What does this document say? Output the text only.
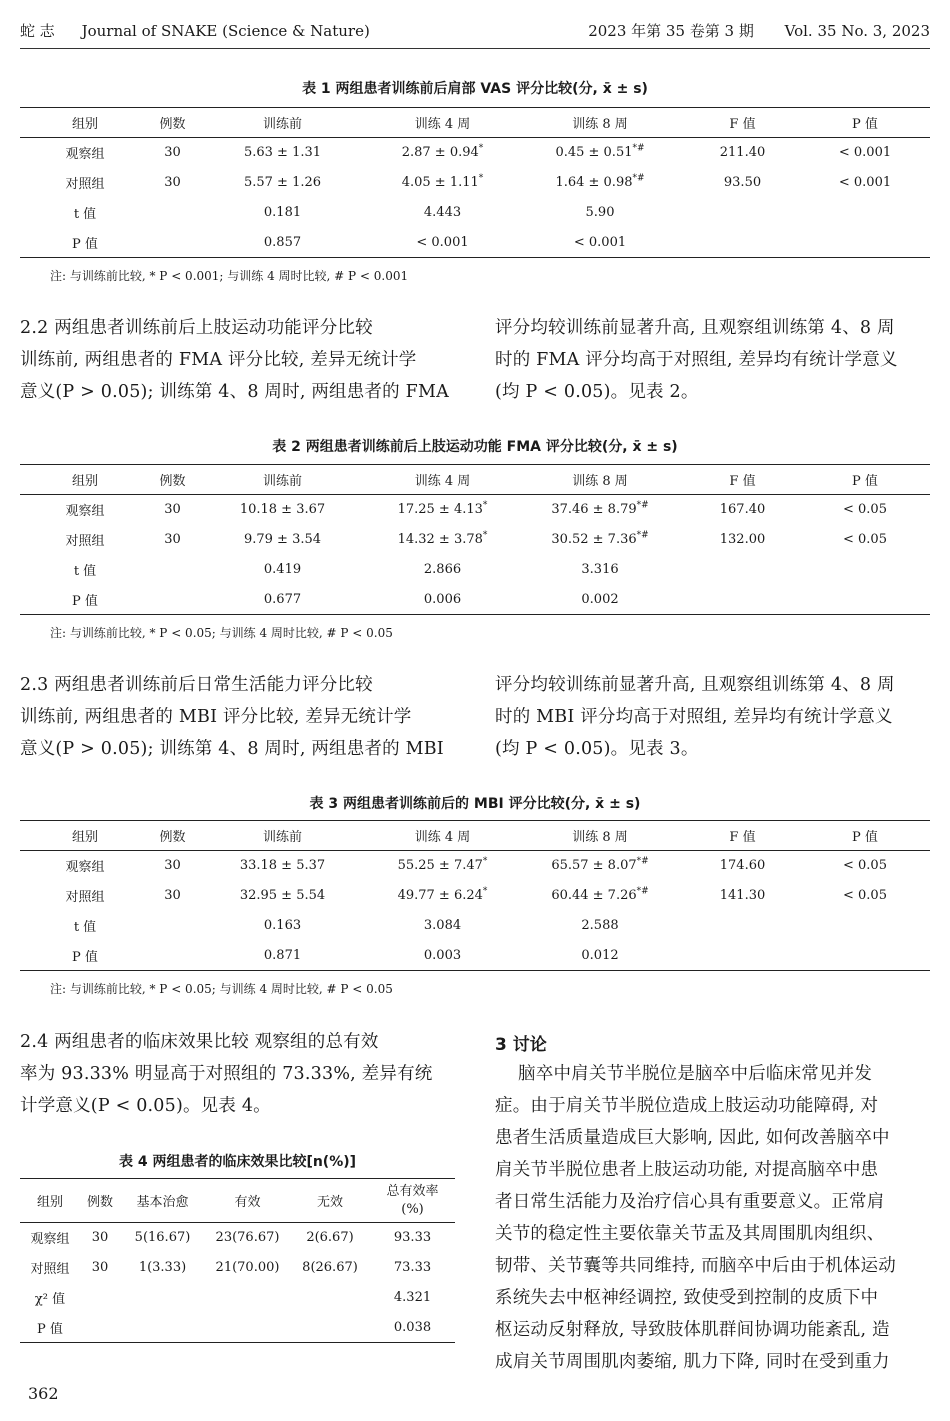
蛇 志 Journal of SNAKE (Science & Nature)	2023 年第 35 卷第 3 期 Vol. 35 No. 3, 2023
表 1 两组患者训练前后肩部 VAS 评分比较(分, x̄ ± s)
组别	例数	训练前	训练 4 周	训练 8 周	F 值	P 值
观察组	30	5.63 ± 1.31	2.87 ± 0.94*	0.45 ± 0.51*#	211.40	< 0.001
对照组	30	5.57 ± 1.26	4.05 ± 1.11*	1.64 ± 0.98*#	93.50	< 0.001
t 值		0.181	4.443	5.90		
P 值		0.857	< 0.001	< 0.001		
注: 与训练前比较, * P < 0.001; 与训练 4 周时比较, # P < 0.001

2.2 两组患者训练前后上肢运动功能评分比较

训练前, 两组患者的 FMA 评分比较, 差异无统计学

意义(P > 0.05); 训练第 4、8 周时, 两组患者的 FMA

评分均较训练前显著升高, 且观察组训练第 4、8 周

时的 FMA 评分均高于对照组, 差异均有统计学意义

(均 P < 0.05)。见表 2。

表 2 两组患者训练前后上肢运动功能 FMA 评分比较(分, x̄ ± s)
组别	例数	训练前	训练 4 周	训练 8 周	F 值	P 值
观察组	30	10.18 ± 3.67	17.25 ± 4.13*	37.46 ± 8.79*#	167.40	< 0.05
对照组	30	9.79 ± 3.54	14.32 ± 3.78*	30.52 ± 7.36*#	132.00	< 0.05
t 值		0.419	2.866	3.316		
P 值		0.677	0.006	0.002		
注: 与训练前比较, * P < 0.05; 与训练 4 周时比较, # P < 0.05

2.3 两组患者训练前后日常生活能力评分比较

训练前, 两组患者的 MBI 评分比较, 差异无统计学

意义(P > 0.05); 训练第 4、8 周时, 两组患者的 MBI

评分均较训练前显著升高, 且观察组训练第 4、8 周

时的 MBI 评分均高于对照组, 差异均有统计学意义

(均 P < 0.05)。见表 3。

表 3 两组患者训练前后的 MBI 评分比较(分, x̄ ± s)
组别	例数	训练前	训练 4 周	训练 8 周	F 值	P 值
观察组	30	33.18 ± 5.37	55.25 ± 7.47*	65.57 ± 8.07*#	174.60	< 0.05
对照组	30	32.95 ± 5.54	49.77 ± 6.24*	60.44 ± 7.26*#	141.30	< 0.05
t 值		0.163	3.084	2.588		
P 值		0.871	0.003	0.012		
注: 与训练前比较, * P < 0.05; 与训练 4 周时比较, # P < 0.05

2.4 两组患者的临床效果比较 观察组的总有效

率为 93.33% 明显高于对照组的 73.33%, 差异有统

计学意义(P < 0.05)。见表 4。

表 4 两组患者的临床效果比较[n(%)]
组别	例数	基本治愈	有效	无效	总有效率
(%)
观察组	30	5(16.67)	23(76.67)	2(6.67)	93.33
对照组	30	1(3.33)	21(70.00)	8(26.67)	73.33
χ² 值					4.321
P 值					0.038
3 讨论

脑卒中肩关节半脱位是脑卒中后临床常见并发

症。由于肩关节半脱位造成上肢运动功能障碍, 对

患者生活质量造成巨大影响, 因此, 如何改善脑卒中

肩关节半脱位患者上肢运动功能, 对提高脑卒中患

者日常生活能力及治疗信心具有重要意义。正常肩

关节的稳定性主要依靠关节盂及其周围肌肉组织、

韧带、关节囊等共同维持, 而脑卒中后由于机体运动

系统失去中枢神经调控, 致使受到控制的皮质下中

枢运动反射释放, 导致肢体肌群间协调功能紊乱, 造

成肩关节周围肌肉萎缩, 肌力下降, 同时在受到重力

362
